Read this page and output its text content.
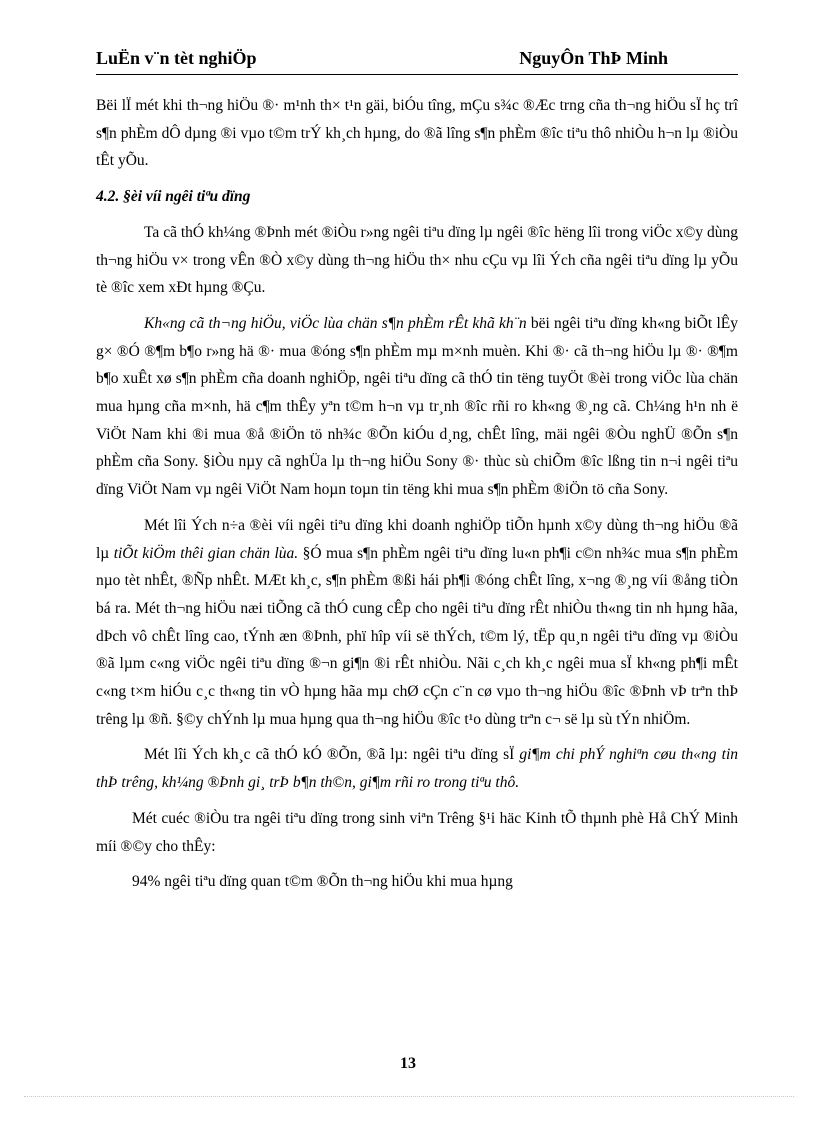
LuËn v¨n tèt nghiÖp	NguyÔn ThÞ Minh

Bëi lÏ mét khi th¬ng hiÖu ®· m¹nh th× t¹n gäi, biÓu tîng, mÇu s¾c ®Æc trng cña th¬ng hiÖu sÏ hç trî s¶n phÈm dÔ dµng ®i vµo t©m trÝ kh¸ch hµng, do ®ã lîng s¶n phÈm ®îc tiªu thô nhiÒu h¬n lµ ®iÒu tÊt yÕu.

4.2. §èi víi ngêi tiªu dïng

Ta cã thÓ kh¼ng ®Þnh mét ®iÒu r»ng ngêi tiªu dïng lµ ngêi ®îc hëng lîi trong viÖc x©y dùng th¬ng hiÖu v× trong vÊn ®Ò x©y dùng th¬ng hiÖu th× nhu cÇu vµ lîi Ých cña ngêi tiªu dïng lµ yÕu tè ®îc xem xÐt hµng ®Çu.

Kh«ng cã th¬ng hiÖu, viÖc lùa chän s¶n phÈm rÊt khã kh¨n bëi ngêi tiªu dïng kh«ng biÕt lÊy g× ®Ó ®¶m b¶o r»ng hä ®· mua ®óng s¶n phÈm mµ m×nh muèn. Khi ®· cã th¬ng hiÖu lµ ®· ®¶m b¶o xuÊt xø s¶n phÈm cña doanh nghiÖp, ngêi tiªu dïng cã thÓ tin tëng tuyÖt ®èi trong viÖc lùa chän mua hµng cña m×nh, hä c¶m thÊy yªn t©m h¬n vµ tr¸nh ®îc rñi ro kh«ng ®¸ng cã. Ch¼ng h¹n nh ë ViÖt Nam khi ®i mua ®å ®iÖn tö nh¾c ®Õn kiÓu d¸ng, chÊt lîng, mäi ngêi ®Òu nghÜ ®Õn s¶n phÈm cña Sony. §iÒu nµy cã nghÜa lµ th¬ng hiÖu Sony ®· thùc sù chiÕm ®îc lßng tin n¬i ngêi tiªu dïng ViÖt Nam vµ ngêi ViÖt Nam hoµn toµn tin tëng khi mua s¶n phÈm ®iÖn tö cña Sony.

Mét lîi Ých n÷a ®èi víi ngêi tiªu dïng khi doanh nghiÖp tiÕn hµnh x©y dùng th¬ng hiÖu ®ã lµ tiÕt kiÖm thêi gian chän lùa. §Ó mua s¶n phÈm ngêi tiªu dïng lu«n ph¶i c©n nh¾c mua s¶n phÈm nµo tèt nhÊt, ®Ñp nhÊt. MÆt kh¸c, s¶n phÈm ®ßi hái ph¶i ®óng chÊt lîng, x¬ng ®¸ng víi ®ång tiÒn bá ra. Mét th¬ng hiÖu næi tiÕng cã thÓ cung cÊp cho ngêi tiªu dïng rÊt nhiÒu th«ng tin nh hµng hãa, dÞch vô chÊt lîng cao, tÝnh æn ®Þnh, phï hîp víi së thÝch, t©m lý, tËp qu¸n ngêi tiªu dïng vµ ®iÒu ®ã lµm c«ng viÖc ngêi tiªu dïng ®¬n gi¶n ®i rÊt nhiÒu. Nãi c¸ch kh¸c ngêi mua sÏ kh«ng ph¶i mÊt c«ng t×m hiÓu c¸c th«ng tin vÒ hµng hãa mµ chØ cÇn c¨n cø vµo th¬ng hiÖu ®îc ®Þnh vÞ trªn thÞ trêng lµ ®ñ. §©y chÝnh lµ mua hµng qua th¬ng hiÖu ®îc t¹o dùng trªn c¬ së lµ sù tÝn nhiÖm.

Mét lîi Ých kh¸c cã thÓ kÓ ®Õn, ®ã lµ: ngêi tiªu dïng sÏ gi¶m chi phÝ nghiªn cøu th«ng tin thÞ trêng, kh¼ng ®Þnh gi¸ trÞ b¶n th©n, gi¶m rñi ro trong tiªu thô.

Mét cuéc ®iÒu tra ngêi tiªu dïng trong sinh viªn Trêng §¹i häc Kinh tÕ thµnh phè Hå ChÝ Minh míi ®©y cho thÊy:

94% ngêi tiªu dïng quan t©m ®Õn th¬ng hiÖu khi mua hµng

13
